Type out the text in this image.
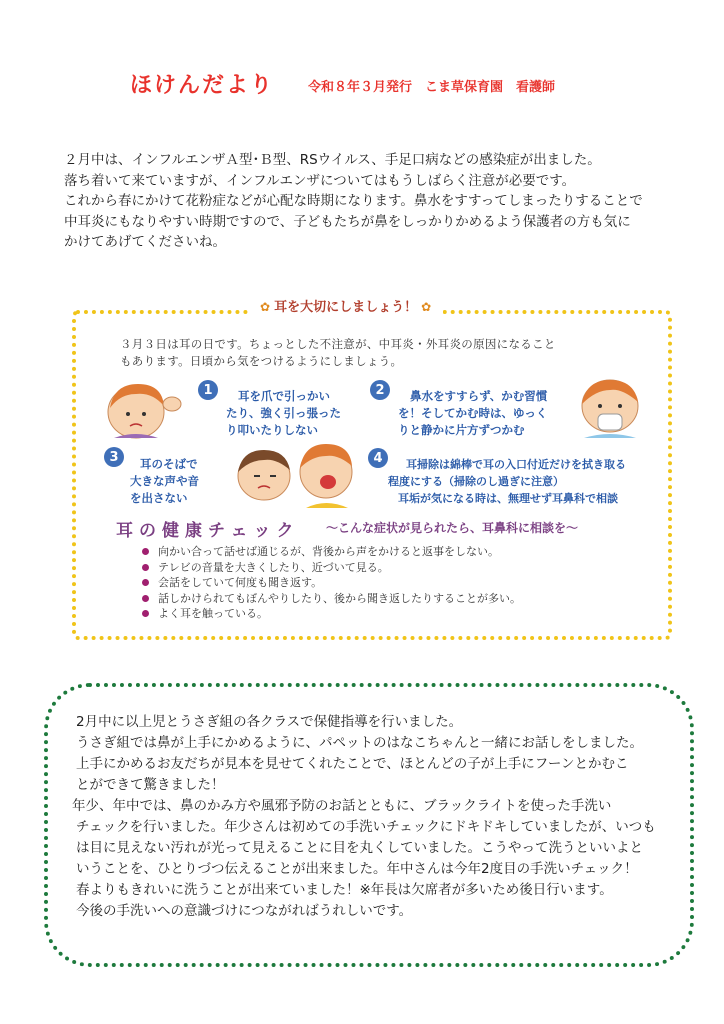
ほけんだより	令和８年３月発行　こま草保育園　看護師

２月中は、インフルエンザＡ型･Ｂ型、RSウイルス、手足口病などの感染症が出ました。

落ち着いて来ていますが、インフルエンザについてはもうしばらく注意が必要です。

これから春にかけて花粉症などが心配な時期になります。鼻水をすすってしまったりすることで

中耳炎にもなりやすい時期ですので、子どもたちが鼻をしっかりかめるよう保護者の方も気に

かけてあげてくださいね。

✿ 耳を大切にしましょう！ ✿

３月３日は耳の日です。ちょっとした不注意が、中耳炎・外耳炎の原因になること

もあります。日頃から気をつけるようにしましょう。

1	耳を爪で引っかい

たり、強く引っ張った

り叩いたりしない

2	鼻水をすすらず、かむ習慣

を！そしてかむ時は、ゆっく

りと静かに片方ずつかむ

3	耳のそばで

大きな声や音

を出さない

4	耳掃除は綿棒で耳の入口付近だけを拭き取る

程度にする（掃除のし過ぎに注意）

耳垢が気になる時は、無理せず耳鼻科で相談

耳の健康チェック ～こんな症状が見られたら、耳鼻科に相談を～
向かい合って話せば通じるが、背後から声をかけると返事をしない。
テレビの音量を大きくしたり、近づいて見る。
会話をしていて何度も聞き返す。
話しかけられてもぼんやりしたり、後から聞き返したりすることが多い。
よく耳を触っている。

2月中に以上児とうさぎ組の各クラスで保健指導を行いました。

うさぎ組では鼻が上手にかめるように、パペットのはなこちゃんと一緒にお話しをしました。

上手にかめるお友だちが見本を見せてくれたことで、ほとんどの子が上手にフーンとかむこ

とができて驚きました！

年少、年中では、鼻のかみ方や風邪予防のお話とともに、ブラックライトを使った手洗い

チェックを行いました。年少さんは初めての手洗いチェックにドキドキしていましたが、いつも

は目に見えない汚れが光って見えることに目を丸くしていました。こうやって洗うといいよと

いうことを、ひとりづつ伝えることが出来ました。年中さんは今年2度目の手洗いチェック！

春よりもきれいに洗うことが出来ていました！※年長は欠席者が多いため後日行います。

今後の手洗いへの意識づけにつながればうれしいです。
